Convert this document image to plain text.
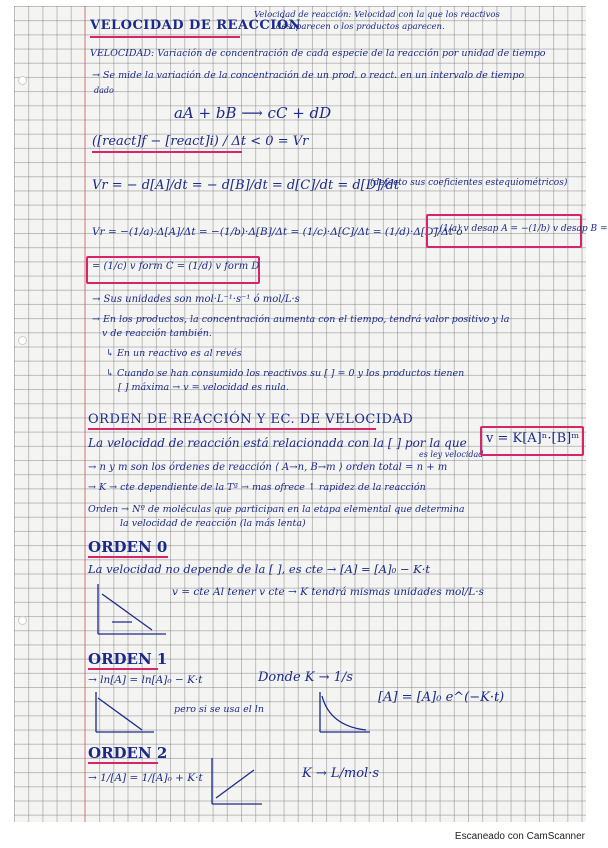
VELOCIDAD DE REACCIÓN
Velocidad de reacción: Velocidad con la que los reactivos
desaparecen o los productos aparecen.
VELOCIDAD: Variación de concentración de cada especie de la reacción por unidad de tiempo
→ Se mide la variación de la concentración de un prod. o react. en un intervalo de tiempo
dado
aA + bB ⟶ cC + dD
([react]f − [react]i) / Δt < 0 = Vr
Vr = − d[A]/dt = − d[B]/dt = d[C]/dt = d[D]/dt
(defecto sus coeficientes estequiométricos)
Vr = −(1/a)·Δ[A]/Δt = −(1/b)·Δ[B]/Δt = (1/c)·Δ[C]/Δt = (1/d)·Δ[D]/Δt ó
−(1/a) v desap A = −(1/b) v desap B =
= (1/c) v form C = (1/d) v form D
→ Sus unidades son mol·L⁻¹·s⁻¹ ó mol/L·s
→ En los productos, la concentración aumenta con el tiempo, tendrá valor positivo y la
v de reacción también.
↳ En un reactivo es al revés
↳ Cuando se han consumido los reactivos su [ ] = 0 y los productos tienen
[ ] máxima → v = velocidad es nula.
ORDEN DE REACCIÓN Y EC. DE VELOCIDAD
La velocidad de reacción está relacionada con la [ ] por la que
es ley velocidad
v = K[A]ⁿ·[B]ᵐ
→ n y m son los órdenes de reacción ⟨ A→n, B→m ⟩ orden total = n + m
→ K → cte dependiente de la Tª → mas ofrece ↑ rapidez de la reacción
Orden → Nº de moléculas que participan en la etapa elemental que determina
la velocidad de reacción (la más lenta)
ORDEN 0
La velocidad no depende de la [ ], es cte → [A] = [A]₀ − K·t
v = cte Al tener v cte → K tendrá mismas unidades mol/L·s
ORDEN 1
→ ln[A] = ln[A]₀ − K·t	Donde K → 1/s
pero si se usa el ln
[A] = [A]₀ e^(−K·t)
ORDEN 2
→ 1/[A] = 1/[A]₀ + K·t	K → L/mol·s
Escaneado con CamScanner
